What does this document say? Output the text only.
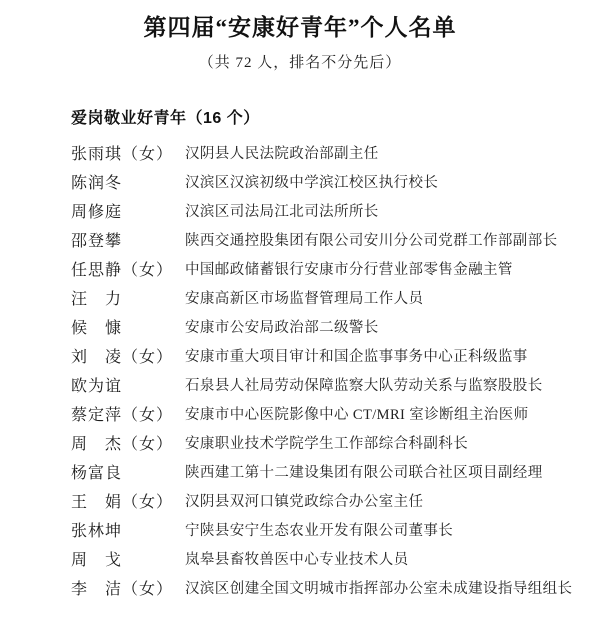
第四届“安康好青年”个人名单
（共 72 人，排名不分先后）
爱岗敬业好青年（16 个）
张雨琪（女） 汉阴县人民法院政治部副主任
陈润冬	汉滨区汉滨初级中学滨江校区执行校长
周修庭	汉滨区司法局江北司法所所长
邵登攀	陕西交通控股集团有限公司安川分公司党群工作部副部长
任思静（女） 中国邮政储蓄银行安康市分行营业部零售金融主管
汪　力	安康高新区市场监督管理局工作人员
候　慷	安康市公安局政治部二级警长
刘　凌（女） 安康市重大项目审计和国企监事事务中心正科级监事
欧为谊	石泉县人社局劳动保障监察大队劳动关系与监察股股长
蔡定萍（女） 安康市中心医院影像中心 CT/MRI 室诊断组主治医师
周　杰（女） 安康职业技术学院学生工作部综合科副科长
杨富良	陕西建工第十二建设集团有限公司联合社区项目副经理
王　娟（女） 汉阴县双河口镇党政综合办公室主任
张林坤	宁陕县安宁生态农业开发有限公司董事长
周　戈	岚皋县畜牧兽医中心专业技术人员
李　洁（女） 汉滨区创建全国文明城市指挥部办公室未成建设指导组组长
